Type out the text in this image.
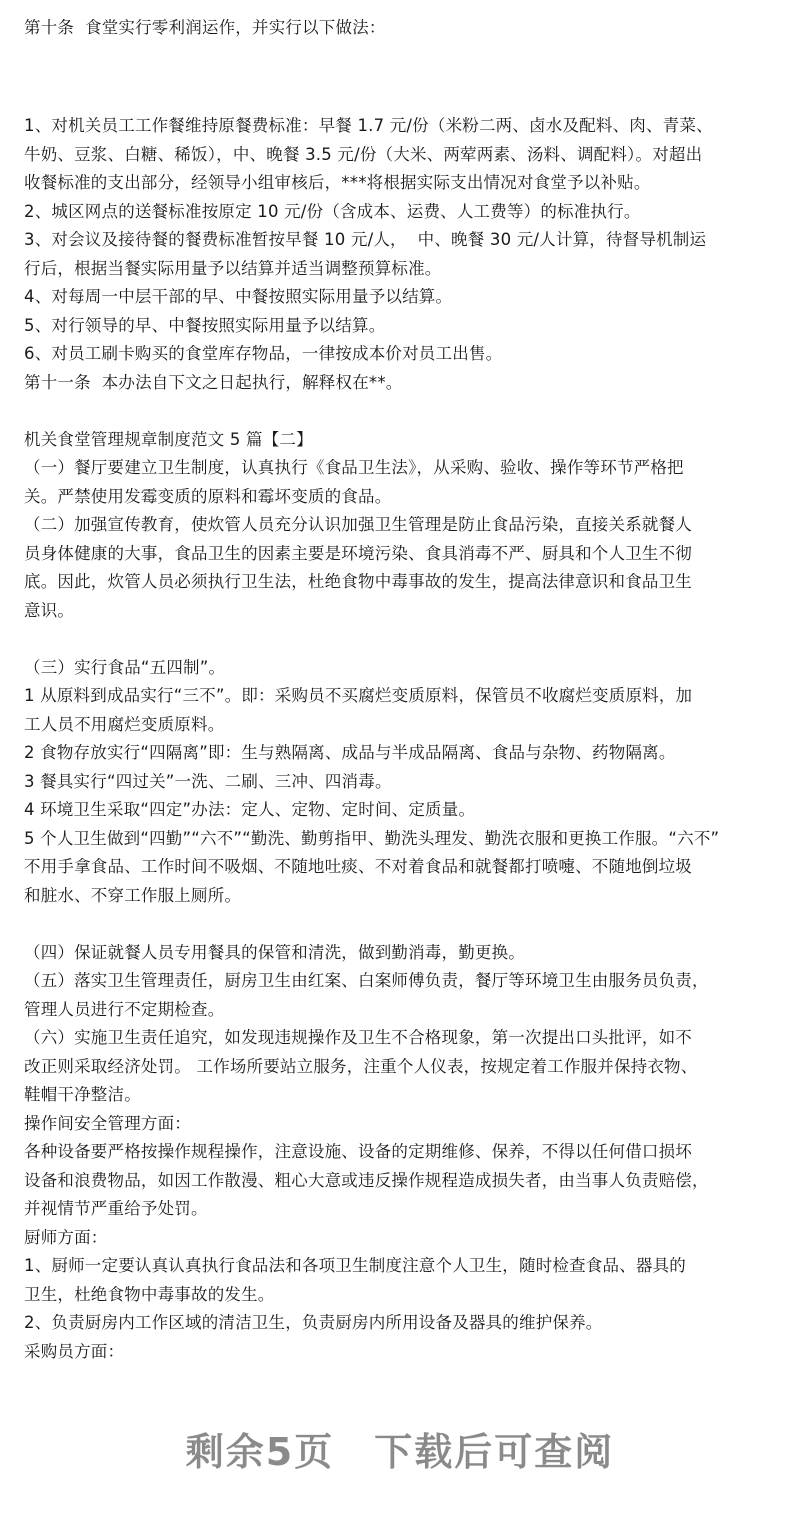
第十条  食堂实行零利润运作，并实行以下做法：
1、对机关员工工作餐维持原餐费标准：早餐 1.7 元/份（米粉二两、卤水及配料、肉、青菜、
牛奶、豆浆、白糖、稀饭），中、晚餐 3.5 元/份（大米、两荤两素、汤料、调配料）。对超出
收餐标准的支出部分，经领导小组审核后，***将根据实际支出情况对食堂予以补贴。
2、城区网点的送餐标准按原定 10 元/份（含成本、运费、人工费等）的标准执行。
3、对会议及接待餐的餐费标准暂按早餐 10 元/人，  中、晚餐 30 元/人计算，待督导机制运
行后，根据当餐实际用量予以结算并适当调整预算标准。
4、对每周一中层干部的早、中餐按照实际用量予以结算。
5、对行领导的早、中餐按照实际用量予以结算。
6、对员工刷卡购买的食堂库存物品，一律按成本价对员工出售。
第十一条  本办法自下文之日起执行，解释权在**。
机关食堂管理规章制度范文 5 篇【二】
（一）餐厅要建立卫生制度，认真执行《食品卫生法》，从采购、验收、操作等环节严格把
关。严禁使用发霉变质的原料和霉坏变质的食品。
（二）加强宣传教育，使炊管人员充分认识加强卫生管理是防止食品污染，直接关系就餐人
员身体健康的大事，食品卫生的因素主要是环境污染、食具消毒不严、厨具和个人卫生不彻
底。因此，炊管人员必须执行卫生法，杜绝食物中毒事故的发生，提高法律意识和食品卫生
意识。
（三）实行食品“五四制”。
1 从原料到成品实行“三不”。即：采购员不买腐烂变质原料，保管员不收腐烂变质原料，加
工人员不用腐烂变质原料。
2 食物存放实行“四隔离”即：生与熟隔离、成品与半成品隔离、食品与杂物、药物隔离。
3 餐具实行“四过关”一洗、二刷、三冲、四消毒。
4 环境卫生采取“四定”办法：定人、定物、定时间、定质量。
5 个人卫生做到“四勤”“六不”“勤洗、勤剪指甲、勤洗头理发、勤洗衣服和更换工作服。“六不”
不用手拿食品、工作时间不吸烟、不随地吐痰、不对着食品和就餐都打喷嚏、不随地倒垃圾
和脏水、不穿工作服上厕所。
（四）保证就餐人员专用餐具的保管和清洗，做到勤消毒，勤更换。
（五）落实卫生管理责任，厨房卫生由红案、白案师傅负责，餐厅等环境卫生由服务员负责，
管理人员进行不定期检查。
（六）实施卫生责任追究，如发现违规操作及卫生不合格现象，第一次提出口头批评，如不
改正则采取经济处罚。 工作场所要站立服务，注重个人仪表，按规定着工作服并保持衣物、
鞋帽干净整洁。
操作间安全管理方面：
各种设备要严格按操作规程操作，注意设施、设备的定期维修、保养，不得以任何借口损坏
设备和浪费物品，如因工作散漫、粗心大意或违反操作规程造成损失者，由当事人负责赔偿，
并视情节严重给予处罚。
厨师方面：
1、厨师一定要认真认真执行食品法和各项卫生制度注意个人卫生，随时检查食品、器具的
卫生，杜绝食物中毒事故的发生。
2、负责厨房内工作区域的清洁卫生，负责厨房内所用设备及器具的维护保养。
采购员方面：
剩余5页 下载后可查阅
